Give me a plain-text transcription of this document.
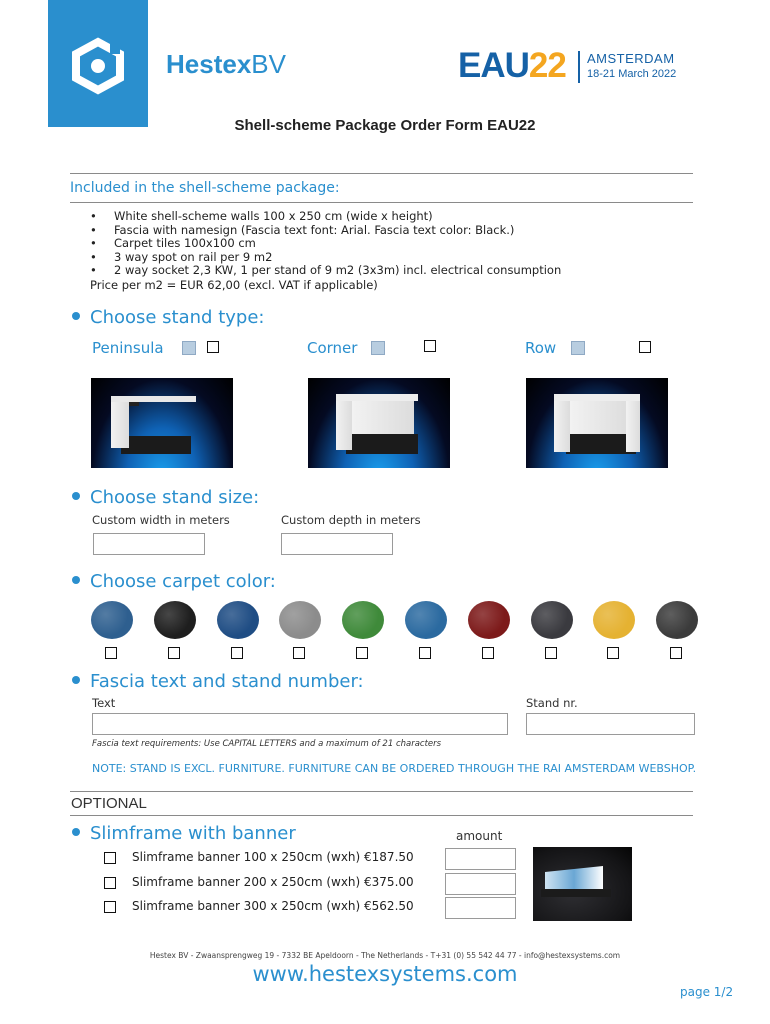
HestexBV	EAU22 AMSTERDAM
18-21 March 2022
Shell-scheme Package Order Form EAU22
Included in the shell-scheme package:
• White shell-scheme walls 100 x 250 cm (wide x height)
• Fascia with namesign (Fascia text font: Arial. Fascia text color: Black.)
• Carpet tiles 100x100 cm
• 3 way spot on rail per 9 m2
• 2 way socket 2,3 KW, 1 per stand of 9 m2 (3x3m) incl. electrical consumption
Price per m2 = EUR 62,00 (excl. VAT if applicable)
Choose stand type:
Peninsula	Corner	Row
Choose stand size:
Custom width in meters	Custom depth in meters
Choose carpet color:
Fascia text and stand number:
Text	Stand nr.
Fascia text requirements: Use CAPITAL LETTERS and a maximum of 21 characters
NOTE: STAND IS EXCL. FURNITURE. FURNITURE CAN BE ORDERED THROUGH THE RAI AMSTERDAM WEBSHOP.
OPTIONAL
Slimframe with banner	amount
Slimframe banner 100 x 250cm (wxh) €187.50
Slimframe banner 200 x 250cm (wxh) €375.00
Slimframe banner 300 x 250cm (wxh) €562.50
Hestex BV - Zwaansprengweg 19 - 7332 BE Apeldoorn - The Netherlands - T+31 (0) 55 542 44 77 - info@hestexsystems.com
www.hestexsystems.com
page 1/2
